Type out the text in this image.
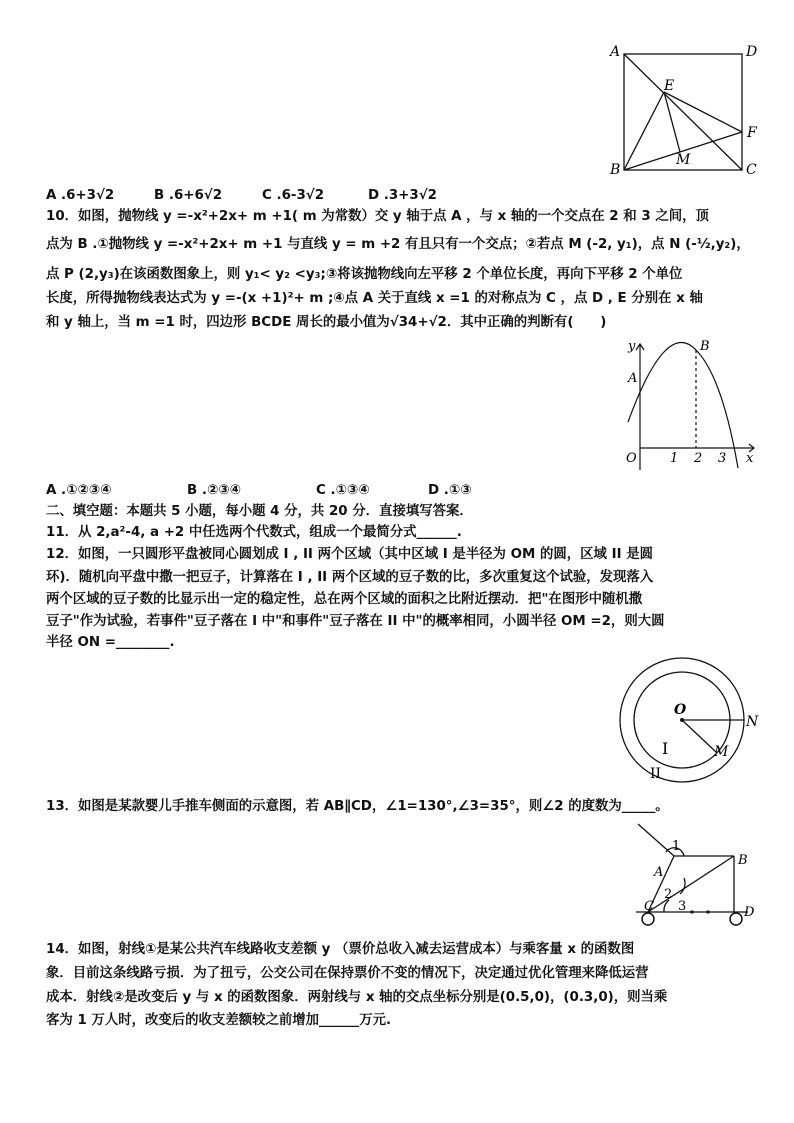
A	D
E
F
B
M
C
A .6+3√2	B .6+6√2	C .6-3√2	D .3+3√2
10．如图，抛物线 y =-x²+2x+ m +1( m 为常数）交 y 轴于点 A ，与 x 轴的一个交点在 2 和 3 之间，顶
点为 B .①抛物线 y =-x²+2x+ m +1 与直线 y = m +2 有且只有一个交点；②若点 M (-2, y₁)，点 N (-½,y₂)，
点 P (2,y₃)在该函数图象上，则 y₁< y₂ <y₃;③将该抛物线向左平移 2 个单位长度，再向下平移 2 个单位
长度，所得抛物线表达式为 y =-(x +1)²+ m ;④点 A 关于直线 x =1 的对称点为 C ，点 D , E 分别在 x 轴
和 y 轴上，当 m =1 时，四边形 BCDE 周长的最小值为√34+√2．其中正确的判断有(　　)
y	B
A
O	1 2 3 x
A .①②③④	B .②③④	C .①③④	D .①③
二、填空题：本题共 5 小题，每小题 4 分，共 20 分．直接填写答案．
11．从 2,a²-4, a +2 中任选两个代数式，组成一个最简分式______.
12．如图，一只圆形平盘被同心圆划成 I , II 两个区域（其中区域 I 是半径为 OM 的圆，区域 II 是圆
环)．随机向平盘中撒一把豆子，计算落在 I , II 两个区域的豆子数的比，多次重复这个试验，发现落入
两个区域的豆子数的比显示出一定的稳定性，总在两个区域的面积之比附近摆动．把"在图形中随机撒
豆子"作为试验，若事件"豆子落在 I 中"和事件"豆子落在 II 中"的概率相同，小圆半径 OM =2，则大圆
半径 ON =________.
O
N
I	M
II
13．如图是某款婴儿手推车侧面的示意图，若 AB∥CD，∠1=130°,∠3=35°，则∠2 的度数为_____。
1
A
B
2
C 3	D
14．如图，射线①是某公共汽车线路收支差额 y （票价总收入减去运营成本）与乘客量 x 的函数图
象．目前这条线路亏损．为了扭亏，公交公司在保持票价不变的情况下，决定通过优化管理来降低运营
成本．射线②是改变后 y 与 x 的函数图象．两射线与 x 轴的交点坐标分别是(0.5,0)，(0.3,0)，则当乘
客为 1 万人时，改变后的收支差额较之前增加______万元.
